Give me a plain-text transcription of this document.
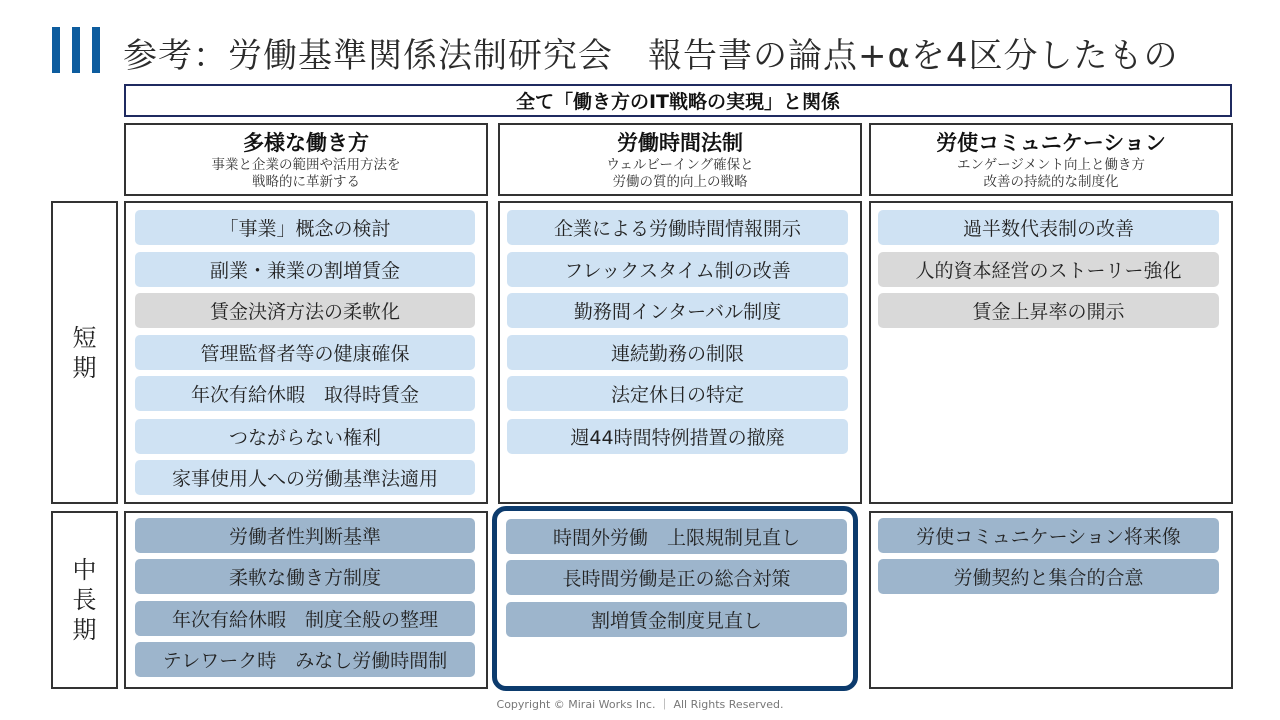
参考：労働基準関係法制研究会　報告書の論点+αを4区分したもの
全て「働き方のIT戦略の実現」と関係
多様な働き方
事業と企業の範囲や活用方法を
戦略的に革新する
労働時間法制
ウェルビーイング確保と
労働の質的向上の戦略
労使コミュニケーション
エンゲージメント向上と働き方
改善の持続的な制度化
短期
中長期
「事業」概念の検討
副業・兼業の割増賃金
賃金決済方法の柔軟化
管理監督者等の健康確保
年次有給休暇　取得時賃金
つながらない権利
家事使用人への労働基準法適用
企業による労働時間情報開示
フレックスタイム制の改善
勤務間インターバル制度
連続勤務の制限
法定休日の特定
週44時間特例措置の撤廃
過半数代表制の改善
人的資本経営のストーリー強化
賃金上昇率の開示
労働者性判断基準
柔軟な働き方制度
年次有給休暇　制度全般の整理
テレワーク時　みなし労働時間制
時間外労働　上限規制見直し
長時間労働是正の総合対策
割増賃金制度見直し
労使コミュニケーション将来像
労働契約と集合的合意
Copyright © Mirai Works Inc. ｜ All Rights Reserved.
